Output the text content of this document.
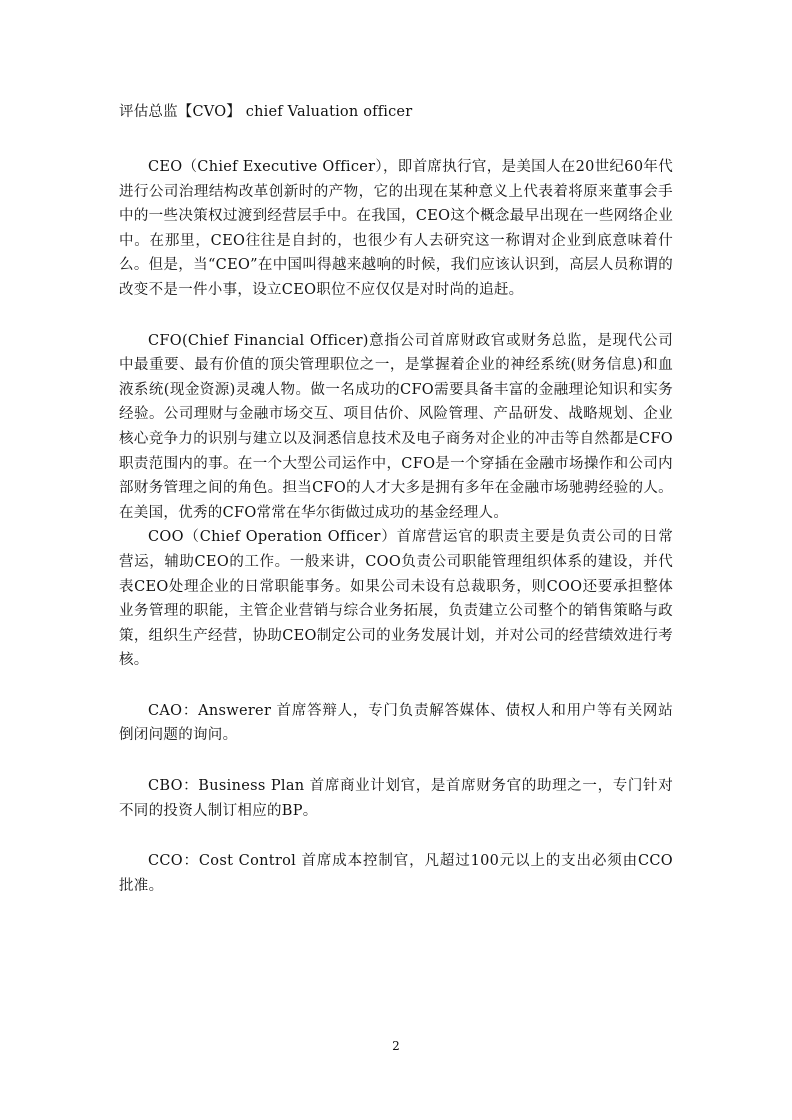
评估总监【CVO】 chief Valuation officer

CEO（Chief Executive Officer），即首席执行官，是美国人在20世纪60年代进行公司治理结构改革创新时的产物，它的出现在某种意义上代表着将原来董事会手中的一些决策权过渡到经营层手中。在我国，CEO这个概念最早出现在一些网络企业中。在那里，CEO往往是自封的，也很少有人去研究这一称谓对企业到底意味着什么。但是，当“CEO”在中国叫得越来越响的时候，我们应该认识到，高层人员称谓的改变不是一件小事，设立CEO职位不应仅仅是对时尚的追赶。

CFO(Chief Financial Officer)意指公司首席财政官或财务总监，是现代公司中最重要、最有价值的顶尖管理职位之一，是掌握着企业的神经系统(财务信息)和血液系统(现金资源)灵魂人物。做一名成功的CFO需要具备丰富的金融理论知识和实务经验。公司理财与金融市场交互、项目估价、风险管理、产品研发、战略规划、企业核心竞争力的识别与建立以及洞悉信息技术及电子商务对企业的冲击等自然都是CFO职责范围内的事。在一个大型公司运作中，CFO是一个穿插在金融市场操作和公司内部财务管理之间的角色。担当CFO的人才大多是拥有多年在金融市场驰骋经验的人。在美国，优秀的CFO常常在华尔街做过成功的基金经理人。

COO（Chief Operation Officer）首席营运官的职责主要是负责公司的日常营运，辅助CEO的工作。一般来讲，COO负责公司职能管理组织体系的建设，并代表CEO处理企业的日常职能事务。如果公司未设有总裁职务，则COO还要承担整体业务管理的职能，主管企业营销与综合业务拓展，负责建立公司整个的销售策略与政策，组织生产经营，协助CEO制定公司的业务发展计划，并对公司的经营绩效进行考核。

CAO：Answerer 首席答辩人，专门负责解答媒体、债权人和用户等有关网站倒闭问题的询问。

CBO：Business Plan 首席商业计划官，是首席财务官的助理之一，专门针对不同的投资人制订相应的BP。

CCO：Cost Control 首席成本控制官，凡超过100元以上的支出必须由CCO批准。

2
